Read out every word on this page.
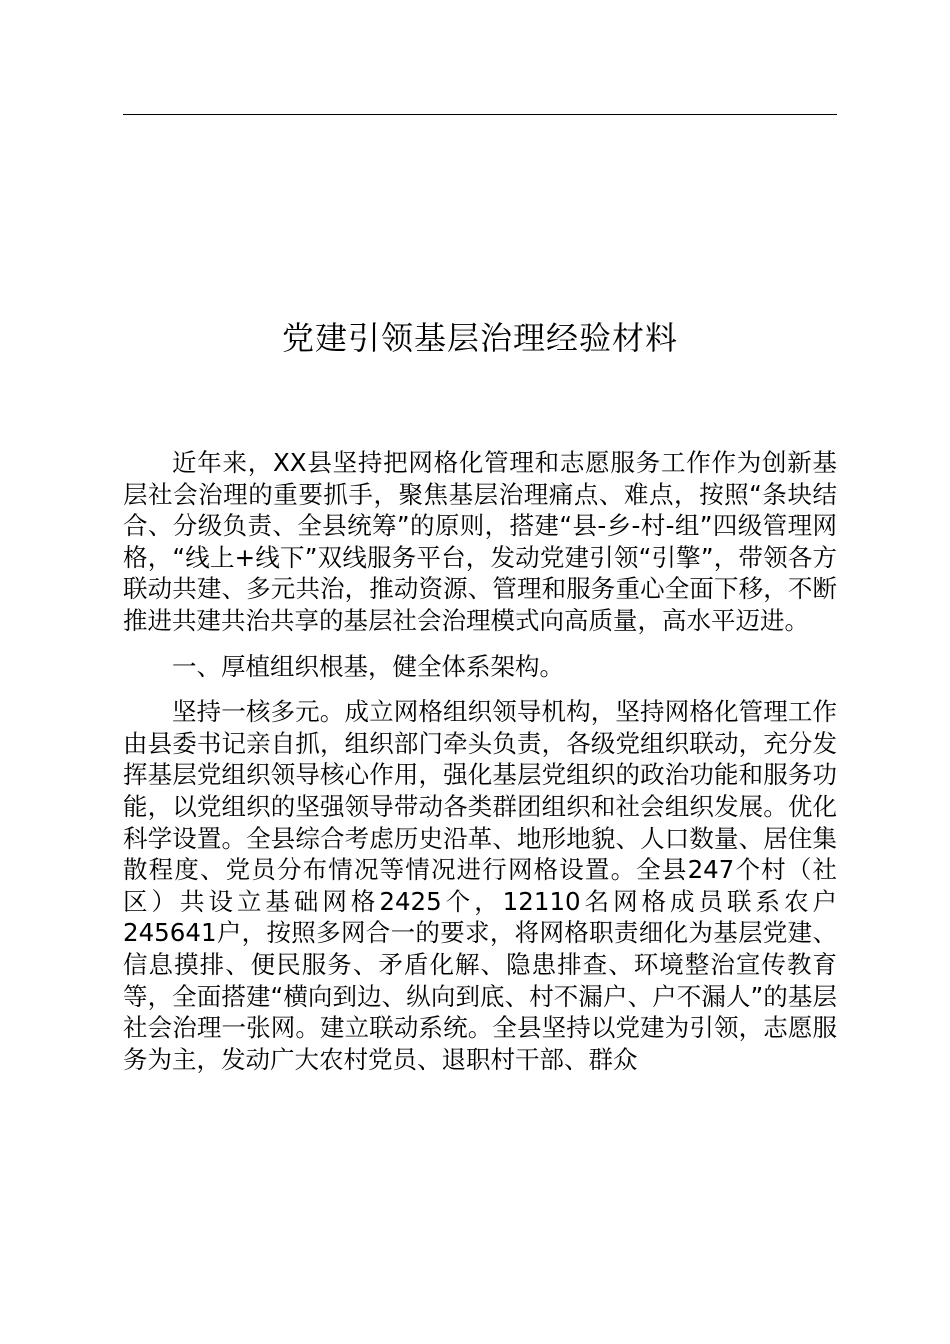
党建引领基层治理经验材料

近年来，XX县坚持把网格化管理和志愿服务工作作为创新基层社会治理的重要抓手，聚焦基层治理痛点、难点，按照“条块结合、分级负责、全县统筹”的原则，搭建“县-乡-村-组”四级管理网格，“线上+线下”双线服务平台，发动党建引领“引擎”，带领各方联动共建、多元共治，推动资源、管理和服务重心全面下移，不断推进共建共治共享的基层社会治理模式向高质量，高水平迈进。

一、厚植组织根基，健全体系架构。

坚持一核多元。成立网格组织领导机构，坚持网格化管理工作由县委书记亲自抓，组织部门牵头负责，各级党组织联动，充分发挥基层党组织领导核心作用，强化基层党组织的政治功能和服务功能，以党组织的坚强领导带动各类群团组织和社会组织发展。优化科学设置。全县综合考虑历史沿革、地形地貌、人口数量、居住集散程度、党员分布情况等情况进行网格设置。全县247个村（社区）共设立基础网格2425个，12110名网格成员联系农户245641户，按照多网合一的要求，将网格职责细化为基层党建、信息摸排、便民服务、矛盾化解、隐患排查、环境整治宣传教育等，全面搭建“横向到边、纵向到底、村不漏户、户不漏人”的基层社会治理一张网。建立联动系统。全县坚持以党建为引领，志愿服务为主，发动广大农村党员、退职村干部、群众
